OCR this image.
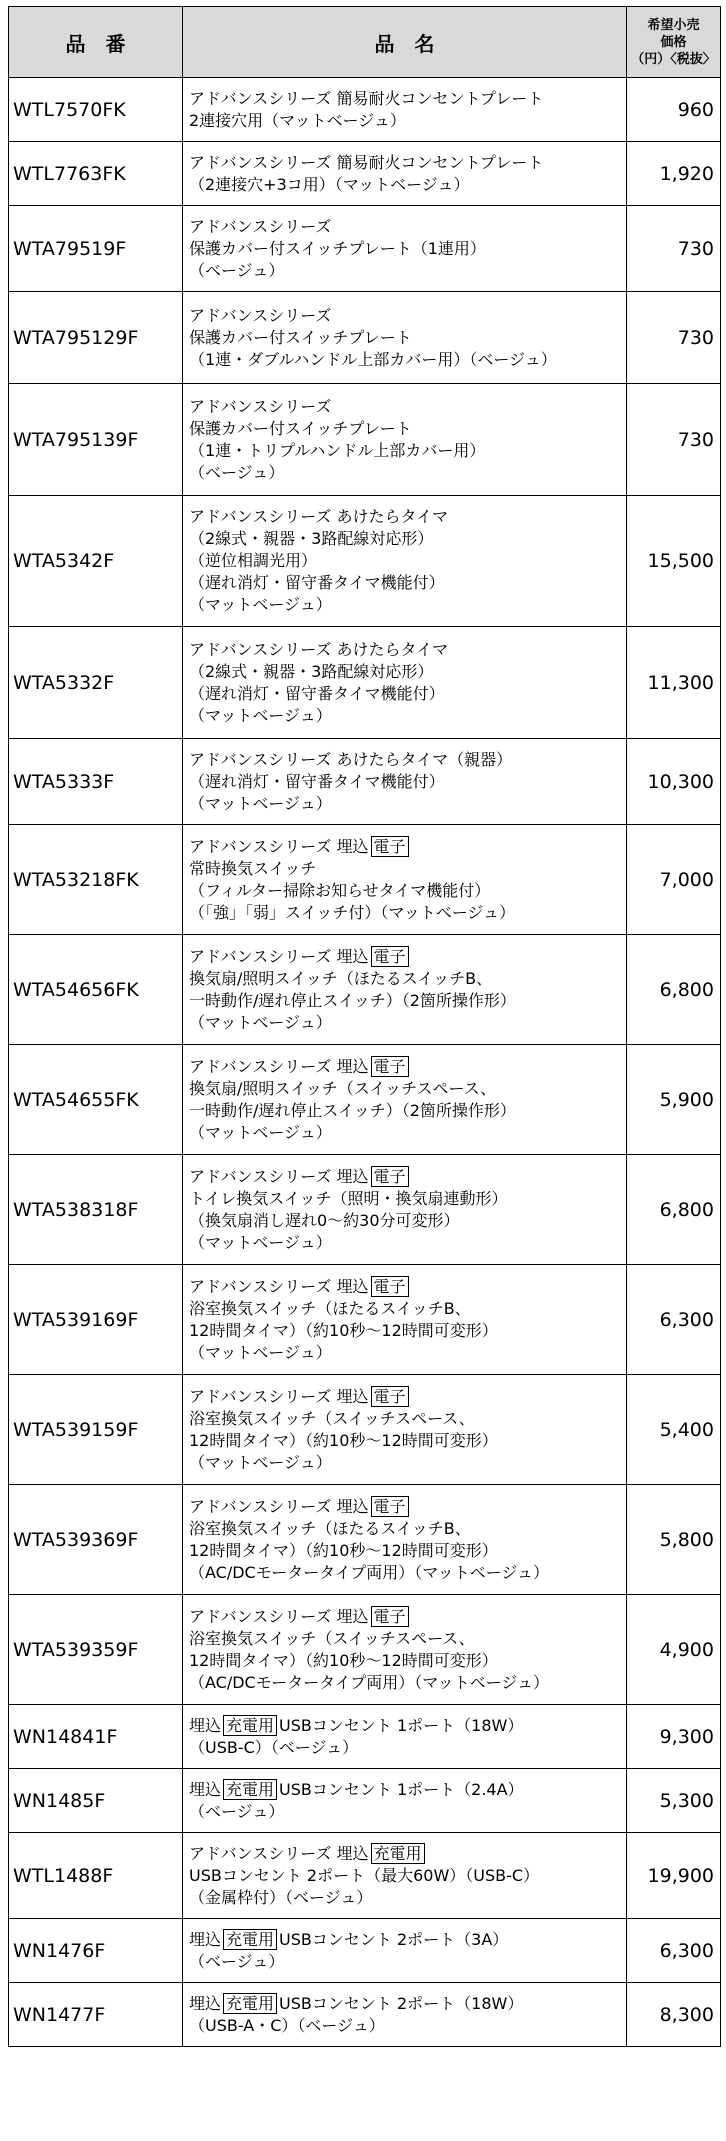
品　番	品　名	希望小売
価格
（円）〈税抜〉

WTL7570FK	アドバンスシリーズ 簡易耐火コンセントプレート
2連接穴用（マットベージュ）	960
WTL7763FK	アドバンスシリーズ 簡易耐火コンセントプレート
（2連接穴+3コ用）（マットベージュ）	1,920
WTA79519F	アドバンスシリーズ
保護カバー付スイッチプレート（1連用）
（ベージュ）	730
WTA795129F	アドバンスシリーズ
保護カバー付スイッチプレート
（1連・ダブルハンドル上部カバー用）（ベージュ）	730
WTA795139F	アドバンスシリーズ
保護カバー付スイッチプレート
（1連・トリプルハンドル上部カバー用）
（ベージュ）	730
WTA5342F	アドバンスシリーズ あけたらタイマ
（2線式・親器・3路配線対応形）
（逆位相調光用）
（遅れ消灯・留守番タイマ機能付）
（マットベージュ）	15,500
WTA5332F	アドバンスシリーズ あけたらタイマ
（2線式・親器・3路配線対応形）
（遅れ消灯・留守番タイマ機能付）
（マットベージュ）	11,300
WTA5333F	アドバンスシリーズ あけたらタイマ（親器）
（遅れ消灯・留守番タイマ機能付）
（マットベージュ）	10,300
WTA53218FK	アドバンスシリーズ 埋込 電子
常時換気スイッチ
（フィルター掃除お知らせタイマ機能付）
（「強」「弱」スイッチ付）（マットベージュ）	7,000
WTA54656FK	アドバンスシリーズ 埋込 電子
換気扇/照明スイッチ（ほたるスイッチB、
一時動作/遅れ停止スイッチ）（2箇所操作形）
（マットベージュ）	6,800
WTA54655FK	アドバンスシリーズ 埋込 電子
換気扇/照明スイッチ（スイッチスペース、
一時動作/遅れ停止スイッチ）（2箇所操作形）
（マットベージュ）	5,900
WTA538318F	アドバンスシリーズ 埋込 電子
トイレ換気スイッチ（照明・換気扇連動形）
（換気扇消し遅れ0～約30分可変形）
（マットベージュ）	6,800
WTA539169F	アドバンスシリーズ 埋込 電子
浴室換気スイッチ（ほたるスイッチB、
12時間タイマ）（約10秒～12時間可変形）
（マットベージュ）	6,300
WTA539159F	アドバンスシリーズ 埋込 電子
浴室換気スイッチ（スイッチスペース、
12時間タイマ）（約10秒～12時間可変形）
（マットベージュ）	5,400
WTA539369F	アドバンスシリーズ 埋込 電子
浴室換気スイッチ（ほたるスイッチB、
12時間タイマ）（約10秒～12時間可変形）
（AC/DCモータータイプ両用）（マットベージュ）	5,800
WTA539359F	アドバンスシリーズ 埋込 電子
浴室換気スイッチ（スイッチスペース、
12時間タイマ）（約10秒～12時間可変形）
（AC/DCモータータイプ両用）（マットベージュ）	4,900
WN14841F	埋込 充電用 USBコンセント 1ポート（18W）
（USB-C）（ベージュ）	9,300
WN1485F	埋込 充電用 USBコンセント 1ポート（2.4A）
（ベージュ）	5,300
WTL1488F	アドバンスシリーズ 埋込 充電用
USBコンセント 2ポート（最大60W）（USB-C）
（金属枠付）（ベージュ）	19,900
WN1476F	埋込 充電用 USBコンセント 2ポート（3A）
（ベージュ）	6,300
WN1477F	埋込 充電用 USBコンセント 2ポート（18W）
（USB-A・C）（ベージュ）	8,300
